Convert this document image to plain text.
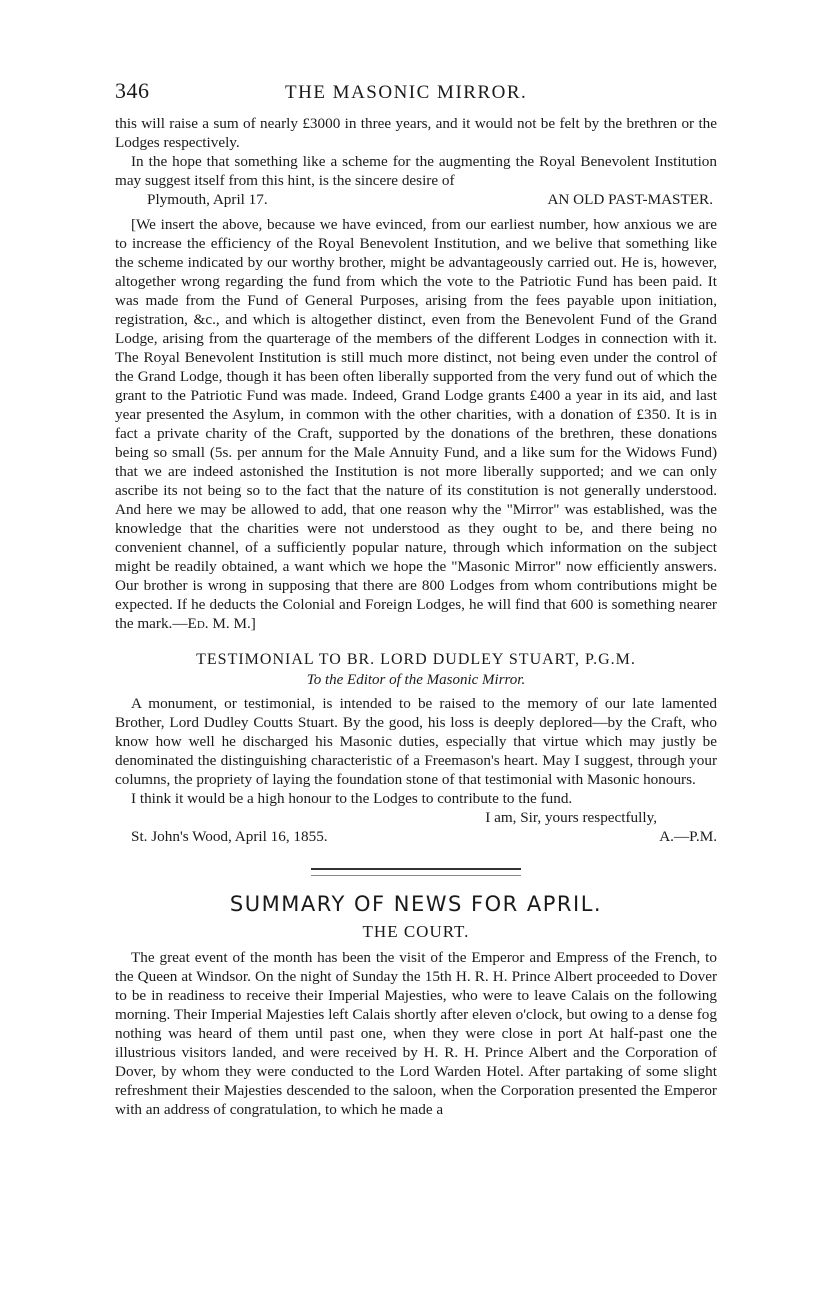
346	THE MASONIC MIRROR.

this will raise a sum of nearly £3000 in three years, and it would not be felt by the brethren or the Lodges respectively.

In the hope that something like a scheme for the augmenting the Royal Benevolent Institution may suggest itself from this hint, is the sincere desire of

Plymouth, April 17.	AN OLD PAST-MASTER.

[We insert the above, because we have evinced, from our earliest number, how anxious we are to increase the efficiency of the Royal Benevolent Institution, and we belive that something like the scheme indicated by our worthy brother, might be advantageously carried out. He is, however, altogether wrong regarding the fund from which the vote to the Patriotic Fund has been paid. It was made from the Fund of General Purposes, arising from the fees payable upon initiation, registration, &c., and which is altogether distinct, even from the Benevolent Fund of the Grand Lodge, arising from the quarterage of the members of the different Lodges in connection with it. The Royal Benevolent Institution is still much more distinct, not being even under the control of the Grand Lodge, though it has been often liberally supported from the very fund out of which the grant to the Patriotic Fund was made. Indeed, Grand Lodge grants £400 a year in its aid, and last year presented the Asylum, in common with the other charities, with a donation of £350. It is in fact a private charity of the Craft, supported by the donations of the brethren, these donations being so small (5s. per annum for the Male Annuity Fund, and a like sum for the Widows Fund) that we are indeed astonished the Institution is not more liberally supported; and we can only ascribe its not being so to the fact that the nature of its constitution is not generally understood. And here we may be allowed to add, that one reason why the "Mirror" was established, was the knowledge that the charities were not understood as they ought to be, and there being no convenient channel, of a sufficiently popular nature, through which information on the subject might be readily obtained, a want which we hope the "Masonic Mirror" now efficiently answers. Our brother is wrong in supposing that there are 800 Lodges from whom contributions might be expected. If he deducts the Colonial and Foreign Lodges, he will find that 600 is something nearer the mark.—Ed. M. M.]

TESTIMONIAL TO BR. LORD DUDLEY STUART, P.G.M.
To the Editor of the Masonic Mirror.

A monument, or testimonial, is intended to be raised to the memory of our late lamented Brother, Lord Dudley Coutts Stuart. By the good, his loss is deeply deplored—by the Craft, who know how well he discharged his Masonic duties, especially that virtue which may justly be denominated the distinguishing characteristic of a Freemason's heart. May I suggest, through your columns, the propriety of laying the foundation stone of that testimonial with Masonic honours.

I think it would be a high honour to the Lodges to contribute to the fund.

I am, Sir, yours respectfully,
St. John's Wood, April 16, 1855.	A.—P.M.
SUMMARY OF NEWS FOR APRIL.
THE COURT.

The great event of the month has been the visit of the Emperor and Empress of the French, to the Queen at Windsor. On the night of Sunday the 15th H. R. H. Prince Albert proceeded to Dover to be in readiness to receive their Imperial Majesties, who were to leave Calais on the following morning. Their Imperial Majesties left Calais shortly after eleven o'clock, but owing to a dense fog nothing was heard of them until past one, when they were close in port At half-past one the illustrious visitors landed, and were received by H. R. H. Prince Albert and the Corporation of Dover, by whom they were conducted to the Lord Warden Hotel. After partaking of some slight refreshment their Majesties descended to the saloon, when the Corporation presented the Emperor with an address of congratulation, to which he made a
